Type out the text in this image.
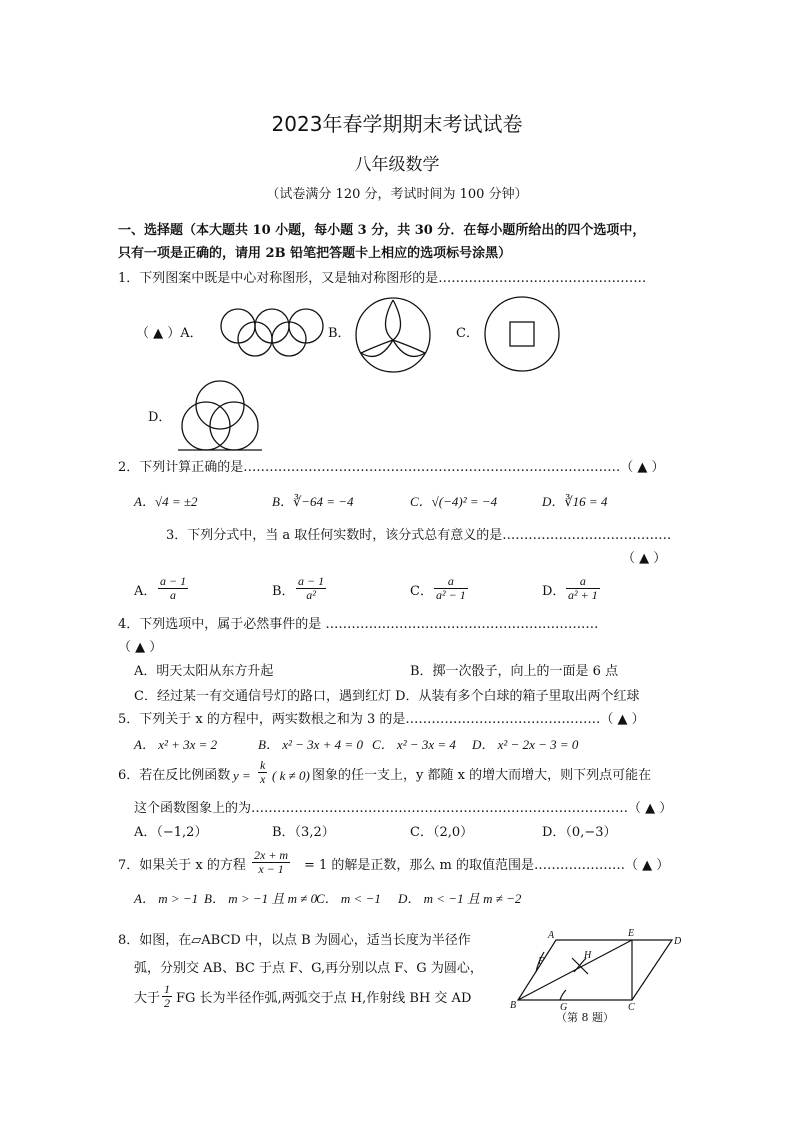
2023年春学期期末考试试卷
八年级数学
（试卷满分 120 分，考试时间为 100 分钟）
一、选择题（本大题共 10 小题，每小题 3 分，共 30 分．在每小题所给出的四个选项中，
只有一项是正确的，请用 2B 铅笔把答题卡上相应的选项标号涂黑）
1．下列图案中既是中心对称图形，又是轴对称图形的是…………………………………………
（ ▲ ）A．	B．	C．
D．
2．下列计算正确的是……………………………………………………………………………（ ▲ ）
A．√4 = ±2	B．∛−64 = −4	C．√(−4)² = −4	D．∛16 = 4
3．下列分式中，当 a 取任何实数时，该分式总有意义的是…………………………………
（ ▲ ）
A． $\frac{a - 1}{a}$	B． $\frac{a - 1}{\text{a²}}$	C． $\frac{a}{\text{a² − 1}}$	D． $\frac{a}{\text{a² + 1}}$
4．下列选项中，属于必然事件的是 ………………………………………………………
（ ▲ ）
A．明天太阳从东方升起	B．掷一次骰子，向上的一面是 6 点
C．经过某一有交通信号灯的路口，遇到红灯 D．从装有多个白球的箱子里取出两个红球
5．下列关于 x 的方程中，两实数根之和为 3 的是………………………………………（ ▲ ）
A． x² + 3x = 2	B． x² − 3x + 4 = 0 C． x² − 3x = 4 D． x² − 2x − 3 = 0
6．若在反比例函数 $y = \frac{k}{x}$ ( k ≠ 0) 图象的任一支上，y 都随 x 的增大而增大，则下列点可能在
这个函数图象上的为……………………………………………………………………………（ ▲ ）
A．（−1,2）	B．（3,2）	C．（2,0）	D．（0,−3）
7．如果关于 x 的方程 $\frac{2x + m}{x - 1} = 1$ 的解是正数，那么 m 的取值范围是…………………（ ▲ ）
A． m > −1 B． m > −1 且 m ≠ 0
C． m < −1 D． m < −1 且 m ≠ −2
8．如图，在▱ABCD 中，以点 B 为圆心，适当长度为半径作
弧，分别交 AB、BC 于点 F、G,再分别以点 F、G 为圆心，
大于 $\frac{1}{2}$ FG 长为半径作弧,两弧交于点 H,作射线 BH 交 AD
A	E
D
H
F
B	G	C
（第 8 题）
